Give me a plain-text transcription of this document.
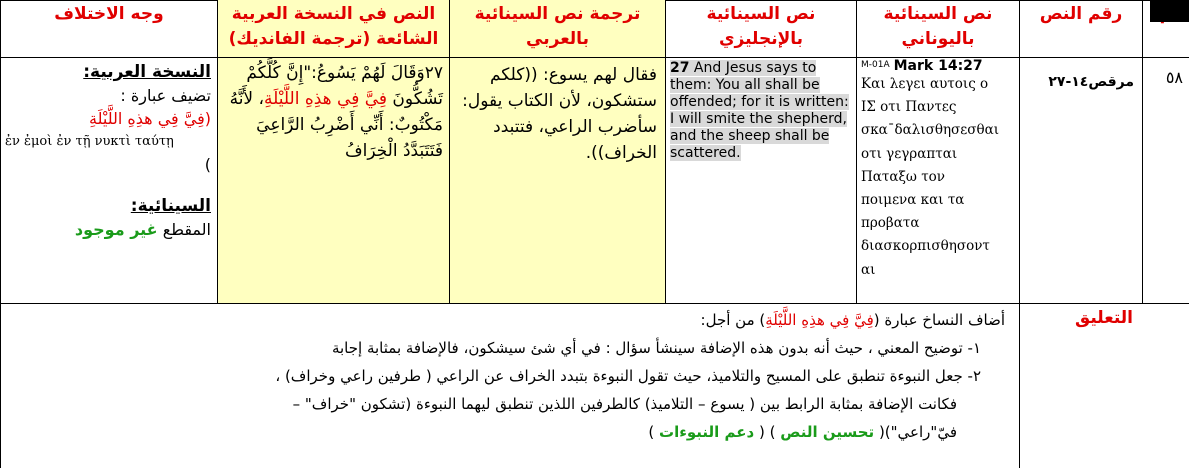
وجه الاختلاف	النص في النسخة العربية
الشائعة (ترجمة الفانديك)
ترجمة نص السينائية
بالعربي
نص السينائية
بالإنجليزي
نص السينائية
باليوناني
رقم النص
النسخة العربية:
تضيف عبارة :
(فِيَّ فِي هذِهِ اللَّيْلَةِ
ἐν ἐμοὶ ἐν τῇ νυκτὶ ταύτῃ
)
السينائية:
المقطع غير موجود
٢٧وَقَالَ لَهُمْ يَسُوعُ:"إِنَّ كُلَّكُمْ تَشُكُّونَ فِيَّ فِي هذِهِ اللَّيْلَةِ، لأَنَّهُ مَكْتُوبٌ: أَنِّي أَضْرِبُ الرَّاعِيَ فَتَتَبَدَّدُ الْخِرَافُ
فقال لهم يسوع: ((كلكم ستشكون، لأن الكتاب يقول: سأضرب الراعي، فتتبدد الخراف)).
27 And Jesus says to them: You all shall be offended; for it is written: I will smite the shepherd, and the sheep shall be scattered.
$^{M-01A}$ Mark 14:27
Και λεγει αυτοις ο
ΙΣ οτι Παντες
σκα¯δαλισθησεσθαι
οτι γεγραπται
Παταξω τον
ποιμενα και τα
προβατα
διασκορπισθησοντ
αι
مرقص١٤-٢٧	٥٨

أضاف النساخ عبارة (فِيَّ فِي هذِهِ اللَّيْلَةِ) من أجل:

١- توضيح المعني ، حيث أنه بدون هذه الإضافة سينشأ سؤال : في أي شئ سيشكون، فالإضافة بمثابة إجابة

٢- جعل النبوءة تنطبق على المسيح والتلاميذ، حيث تقول النبوءة بتبدد الخراف عن الراعي ( طرفين راعي وخراف) ،

فكانت الإضافة بمثابة الرابط بين ( يسوع – التلاميذ) كالطرفين اللذين تنطبق ليهما النبوءة (تشكون "خراف" –

فيّ"راعي")( تحسين النص ) ( دعم النبوءات )

التعليق
